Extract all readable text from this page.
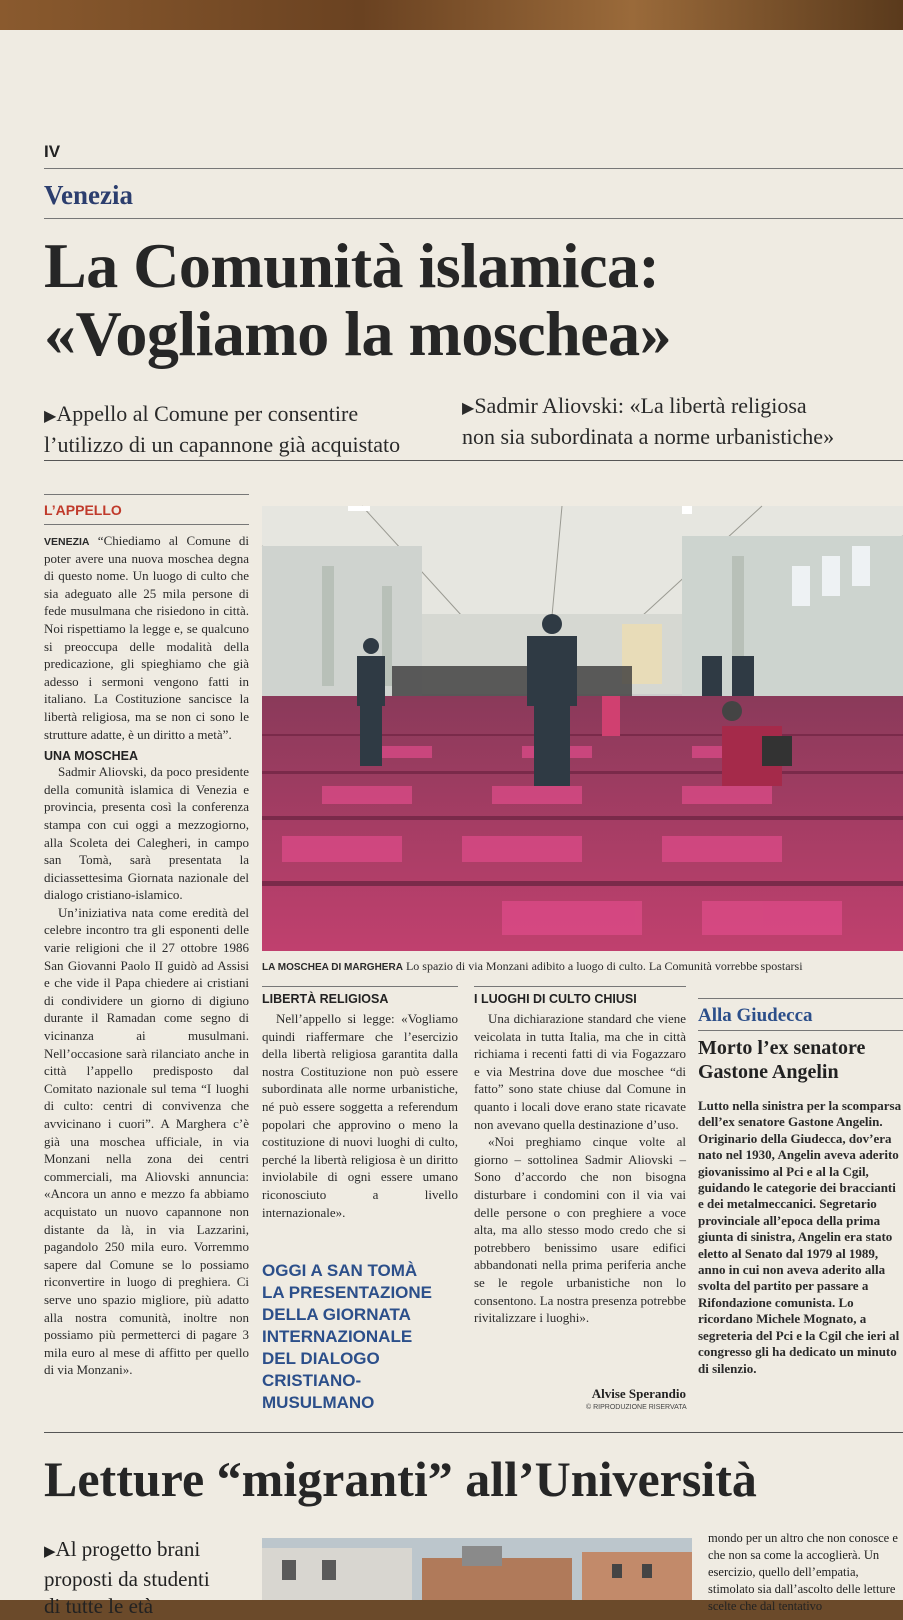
IV
Venezia
La Comunità islamica:
«Vogliamo la moschea»
▶Appello al Comune per consentire
l’utilizzo di un capannone già acquistato
▶Sadmir Aliovski: «La libertà religiosa
non sia subordinata a norme urbanistiche»
L’APPELLO

VENEZIA “Chiediamo al Comune di poter avere una nuova moschea degna di questo nome. Un luogo di culto che sia adeguato alle 25 mila persone di fede musulmana che risiedono in città. Noi rispettiamo la legge e, se qualcuno si preoccupa delle modalità della predicazione, gli spieghiamo che già adesso i sermoni vengono fatti in italiano. La Costituzione sancisce la libertà religiosa, ma se non ci sono le strutture adatte, è un diritto a metà”.

UNA MOSCHEA

Sadmir Aliovski, da poco presidente della comunità islamica di Venezia e provincia, presenta così la conferenza stampa con cui oggi a mezzogiorno, alla Scoleta dei Calegheri, in campo san Tomà, sarà presentata la diciassettesima Giornata nazionale del dialogo cristiano-islamico.

Un’iniziativa nata come eredità del celebre incontro tra gli esponenti delle varie religioni che il 27 ottobre 1986 San Giovanni Paolo II guidò ad Assisi e che vide il Papa chiedere ai cristiani di condividere un giorno di digiuno durante il Ramadan come segno di vicinanza ai musulmani. Nell’occasione sarà rilanciato anche in città l’appello predisposto dal Comitato nazionale sul tema “I luoghi di culto: centri di convivenza che avvicinano i cuori”. A Marghera c’è già una moschea ufficiale, in via Monzani nella zona dei centri commerciali, ma Aliovski annuncia: «Ancora un anno e mezzo fa abbiamo acquistato un nuovo capannone non distante da là, in via Lazzarini, pagandolo 250 mila euro. Vorremmo sapere dal Comune se lo possiamo riconvertire in luogo di preghiera. Ci serve uno spazio migliore, più adatto alla nostra comunità, inoltre non possiamo più permetterci di pagare 3 mila euro al mese di affitto per quello di via Monzani».

LA MOSCHEA DI MARGHERA Lo spazio di via Monzani adibito a luogo di culto. La Comunità vorrebbe spostarsi
LIBERTÀ RELIGIOSA

Nell’appello si legge: «Vogliamo quindi riaffermare che l’esercizio della libertà religiosa garantita dalla nostra Costituzione non può essere subordinata alle norme urbanistiche, né può essere soggetta a referendum popolari che approvino o meno la costituzione di nuovi luoghi di culto, perché la libertà religiosa è un diritto inviolabile di ogni essere umano riconosciuto a livello internazionale».

OGGI A SAN TOMÀ
LA PRESENTAZIONE
DELLA GIORNATA
INTERNAZIONALE
DEL DIALOGO
CRISTIANO-MUSULMANO
I LUOGHI DI CULTO CHIUSI

Una dichiarazione standard che viene veicolata in tutta Italia, ma che in città richiama i recenti fatti di via Fogazzaro e via Mestrina dove due moschee “di fatto” sono state chiuse dal Comune in quanto i locali dove erano state ricavate non avevano quella destinazione d’uso.

«Noi preghiamo cinque volte al giorno – sottolinea Sadmir Aliovski – Sono d’accordo che non bisogna disturbare i condomini con il via vai delle persone o con preghiere a voce alta, ma allo stesso modo credo che si potrebbero benissimo usare edifici abbandonati nella prima periferia anche se le regole urbanistiche non lo consentono. La nostra presenza potrebbe rivitalizzare i luoghi».

Alvise Sperandio
© RIPRODUZIONE RISERVATA
Alla Giudecca
Morto l’ex senatore
Gastone Angelin
Lutto nella sinistra per la scomparsa dell’ex senatore Gastone Angelin. Originario della Giudecca, dov’era nato nel 1930, Angelin aveva aderito giovanissimo al Pci e al la Cgil, guidando le categorie dei braccianti e dei metalmeccanici. Segretario provinciale all’epoca della prima giunta di sinistra, Angelin era stato eletto al Senato dal 1979 al 1989, anno in cui non aveva aderito alla svolta del partito per passare a Rifondazione comunista. Lo ricordano Michele Mognato, a segreteria del Pci e la Cgil che ieri al congresso gli ha dedicato un minuto di silenzio.
Letture “migranti” all’Università
▶Al progetto brani
proposti da studenti
di tutte le età
mondo per un altro che non conosce e che non sa come la accoglierà. Un esercizio, quello dell’empatia, stimolato sia dall’ascolto delle letture scelte che dal tentativo
